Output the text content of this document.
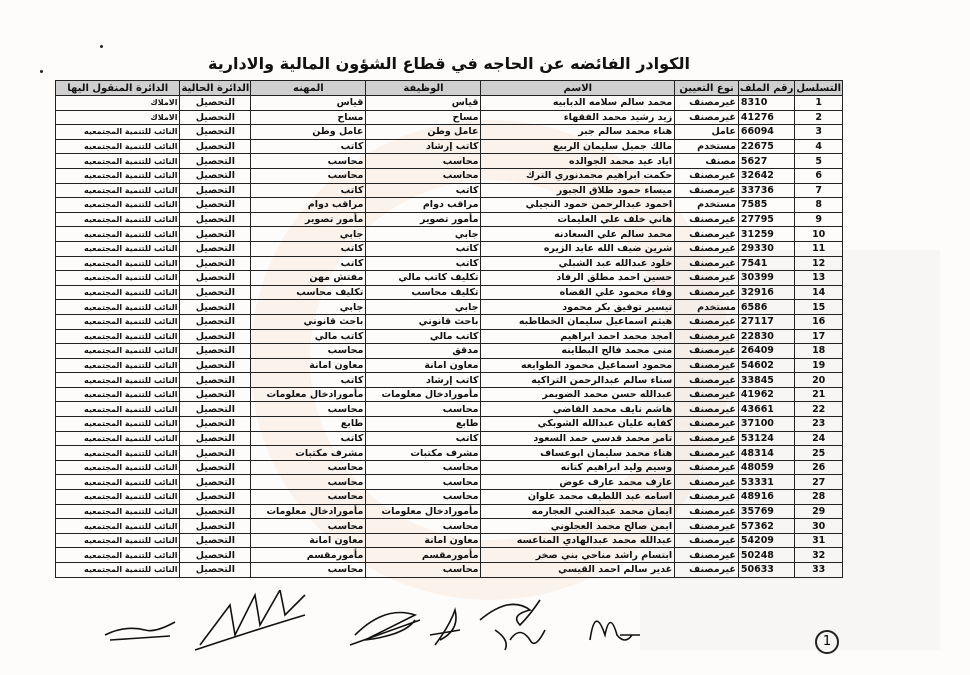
الكوادر الفائضه عن الحاجه في قطاع الشؤون المالية والادارية
التسلسل	رقم الملف	نوع التعيين	الاسم	الوظيفة	المهنه	الدائرة الحالية	الدائرة المنقول اليها
1	8310	غيرمصنف	محمد سالم سلامه الدبابيه	قياس	قياس	التحصيل	الاملاك
2	41276	غيرمصنف	زيد رشيد محمد الفقهاء	مساح	مساح	التحصيل	الاملاك
3	66094	عامل	هناء محمد سالم جبر	عامل وطن	عامل وطن	التحصيل	النائب للتنمية المجتمعيه
4	22675	مستخدم	مالك جميل سليمان الربيع	كاتب إرشاد	كاتب	التحصيل	النائب للتنمية المجتمعيه
5	5627	مصنف	اياد عيد محمد الجوالده	محاسب	محاسب	التحصيل	النائب للتنمية المجتمعيه
6	32642	غيرمصنف	حكمت ابراهيم محمدنوري الترك	محاسب	محاسب	التحصيل	النائب للتنمية المجتمعيه
7	33736	غيرمصنف	ميساء حمود طلاق الجبور	كاتب	كاتب	التحصيل	النائب للتنمية المجتمعيه
8	7585	مستخدم	احمود عبدالرحمن حمود النجيلي	مراقب دوام	مراقب دوام	التحصيل	النائب للتنمية المجتمعيه
9	27795	غيرمصنف	هاني خلف علي العليمات	مأمور تصوير	مأمور تصوير	التحصيل	النائب للتنمية المجتمعيه
10	31259	غيرمصنف	محمد سالم علي السعادنه	جابي	جابي	التحصيل	النائب للتنمية المجتمعيه
11	29330	غيرمصنف	شرين ضيف الله عايد الزيره	كاتب	كاتب	التحصيل	النائب للتنمية المجتمعيه
12	7541	غيرمصنف	خلود عبدالله عبد الشبلي	كاتب	كاتب	التحصيل	النائب للتنمية المجتمعيه
13	30399	غيرمصنف	حسين احمد مطلق الرفاد	تكليف كاتب مالي	مفتش مهن	التحصيل	النائب للتنمية المجتمعيه
14	32916	غيرمصنف	وفاء محمود علي القضاه	تكليف محاسب	تكليف محاسب	التحصيل	النائب للتنمية المجتمعيه
15	6586	مستخدم	تيسير توفيق بكر محمود	جابي	جابي	التحصيل	النائب للتنمية المجتمعيه
16	27117	غيرمصنف	هيثم اسماعيل سليمان الخطاطبه	باحث قانوني	باحث قانوني	التحصيل	النائب للتنمية المجتمعيه
17	22830	غيرمصنف	امجد محمد احمد ابراهيم	كاتب مالي	كاتب مالي	التحصيل	النائب للتنمية المجتمعيه
18	26409	غيرمصنف	منى محمد فالح البطاينه	مدقق	محاسب	التحصيل	النائب للتنمية المجتمعيه
19	54602	غيرمصنف	محمود اسماعيل محمود الطوايعه	معاون امانة	معاون امانة	التحصيل	النائب للتنمية المجتمعيه
20	33845	غيرمصنف	سناء سالم عبدالرحمن التراكيه	كاتب إرشاد	كاتب	التحصيل	النائب للتنمية المجتمعيه
21	41962	غيرمصنف	عبدالله حسن محمد الضويمر	مأمورادخال معلومات	مأمورادخال معلومات	التحصيل	النائب للتنمية المجتمعيه
22	43661	غيرمصنف	هاشم نايف محمد القاضي	محاسب	محاسب	التحصيل	النائب للتنمية المجتمعيه
23	37100	غيرمصنف	كفايه عليان عبدالله الشوبكي	طابع	طابع	التحصيل	النائب للتنمية المجتمعيه
24	53124	غيرمصنف	تامر محمد قدسي حمد السعود	كاتب	كاتب	التحصيل	النائب للتنمية المجتمعيه
25	48314	غيرمصنف	هناء محمد سليمان ابوعساف	مشرف مكتبات	مشرف مكتبات	التحصيل	النائب للتنمية المجتمعيه
26	48059	غيرمصنف	وسيم وليد ابراهيم كتانه	محاسب	محاسب	التحصيل	النائب للتنمية المجتمعيه
27	53331	غيرمصنف	عارف محمد عارف عوض	محاسب	محاسب	التحصيل	النائب للتنمية المجتمعيه
28	48916	غيرمصنف	اسامه عبد اللطيف محمد علوان	محاسب	محاسب	التحصيل	النائب للتنمية المجتمعيه
29	35769	غيرمصنف	ايمان محمد عبدالغني العجارمه	مأمورادخال معلومات	مأمورادخال معلومات	التحصيل	النائب للتنمية المجتمعيه
30	57362	غيرمصنف	ايمن صالح محمد العجلوني	محاسب	محاسب	التحصيل	النائب للتنمية المجتمعيه
31	54209	غيرمصنف	عبدالله محمد عبدالهادي المناعسه	معاون امانة	معاون امانة	التحصيل	النائب للتنمية المجتمعيه
32	50248	غيرمصنف	ابتسام راشد مناحي بني صخر	مأمورمقسم	مأمورمقسم	التحصيل	النائب للتنمية المجتمعيه
33	50633	غيرمصنف	غدير سالم احمد القيسي	محاسب	محاسب	التحصيل	النائب للتنمية المجتمعيه
1
